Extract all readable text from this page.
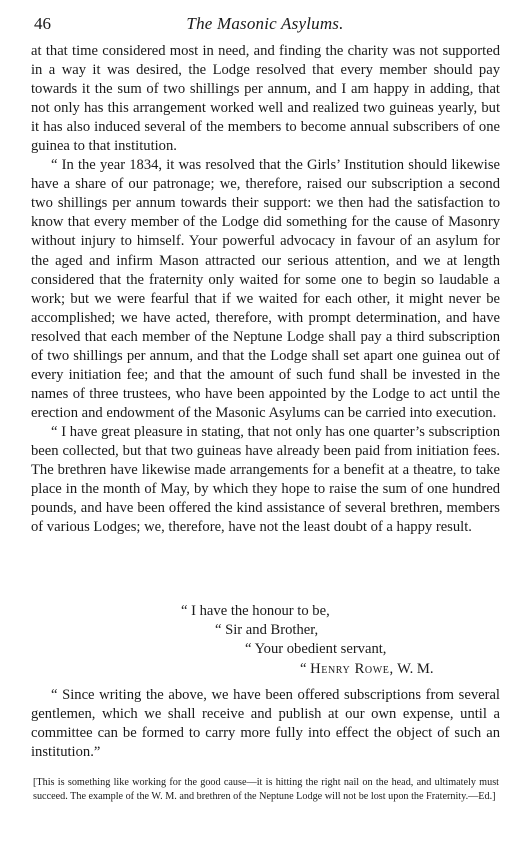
46	The Masonic Asylums.

at that time considered most in need, and finding the charity was not supported in a way it was desired, the Lodge resolved that every member should pay towards it the sum of two shillings per annum, and I am happy in adding, that not only has this arrangement worked well and realized two guineas yearly, but it has also induced several of the members to become annual subscribers of one guinea to that institution.

“ In the year 1834, it was resolved that the Girls’ Institution should likewise have a share of our patronage; we, therefore, raised our subscription a second two shillings per annum towards their support: we then had the satisfaction to know that every member of the Lodge did something for the cause of Masonry without injury to himself. Your powerful advocacy in favour of an asylum for the aged and infirm Mason attracted our serious attention, and we at length considered that the fraternity only waited for some one to begin so laudable a work; but we were fearful that if we waited for each other, it might never be accomplished; we have acted, therefore, with prompt determination, and have resolved that each member of the Neptune Lodge shall pay a third subscription of two shillings per annum, and that the Lodge shall set apart one guinea out of every initiation fee; and that the amount of such fund shall be invested in the names of three trustees, who have been appointed by the Lodge to act until the erection and endowment of the Masonic Asylums can be carried into execution.

“ I have great pleasure in stating, that not only has one quarter’s subscription been collected, but that two guineas have already been paid from initiation fees. The brethren have likewise made arrangements for a benefit at a theatre, to take place in the month of May, by which they hope to raise the sum of one hundred pounds, and have been offered the kind assistance of several brethren, members of various Lodges; we, therefore, have not the least doubt of a happy result.

“ I have the honour to be,
“ Sir and Brother,
“ Your obedient servant,
“ Henry Rowe, W. M.

“ Since writing the above, we have been offered subscriptions from several gentlemen, which we shall receive and publish at our own expense, until a committee can be formed to carry more fully into effect the object of such an institution.”

[This is something like working for the good cause—it is hitting the right nail on the head, and ultimately must succeed. The example of the W. M. and brethren of the Neptune Lodge will not be lost upon the Fraternity.—Ed.]
